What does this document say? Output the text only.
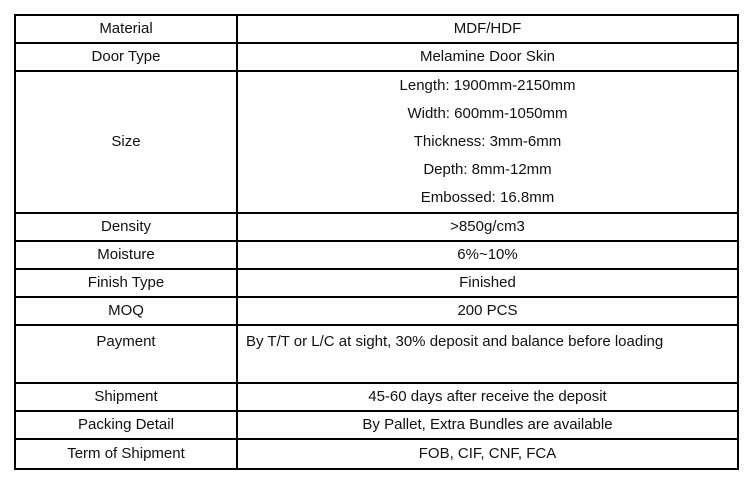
Material	MDF/HDF
Door Type	Melamine Door Skin
Size	Length: 1900mm-2150mm
Width: 600mm-1050mm
Thickness: 3mm-6mm
Depth: 8mm-12mm
Embossed: 16.8mm

Density	>850g/cm3
Moisture	6%~10%
Finish Type	Finished
MOQ	200 PCS
Payment	By T/T or L/C at sight, 30% deposit and balance before loading
Shipment	45-60 days after receive the deposit
Packing Detail	By Pallet, Extra Bundles are available
Term of Shipment	FOB, CIF, CNF, FCA
